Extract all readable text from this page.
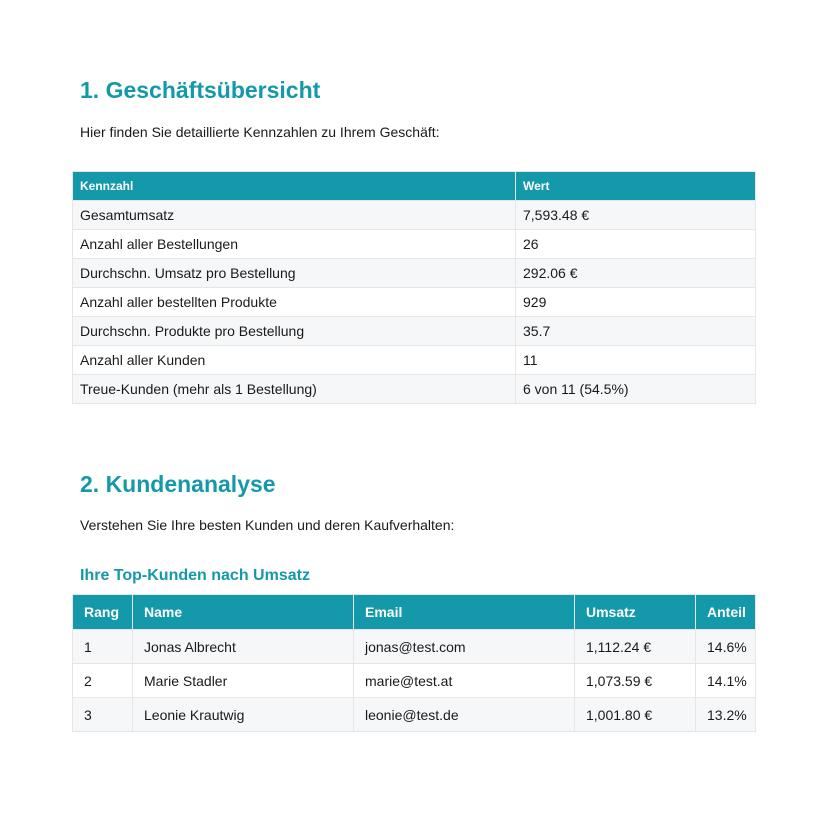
1. Geschäftsübersicht

Hier finden Sie detaillierte Kennzahlen zu Ihrem Geschäft:

Kennzahl	Wert
Gesamtumsatz	7,593.48 €
Anzahl aller Bestellungen	26
Durchschn. Umsatz pro Bestellung	292.06 €
Anzahl aller bestellten Produkte	929
Durchschn. Produkte pro Bestellung	35.7
Anzahl aller Kunden	11
Treue-Kunden (mehr als 1 Bestellung)	6 von 11 (54.5%)
2. Kundenanalyse

Verstehen Sie Ihre besten Kunden und deren Kaufverhalten:

Ihre Top-Kunden nach Umsatz
Rang	Name	Email	Umsatz	Anteil
1	Jonas Albrecht	jonas@test.com	1,112.24 €	14.6%
2	Marie Stadler	marie@test.at	1,073.59 €	14.1%
3	Leonie Krautwig	leonie@test.de	1,001.80 €	13.2%
